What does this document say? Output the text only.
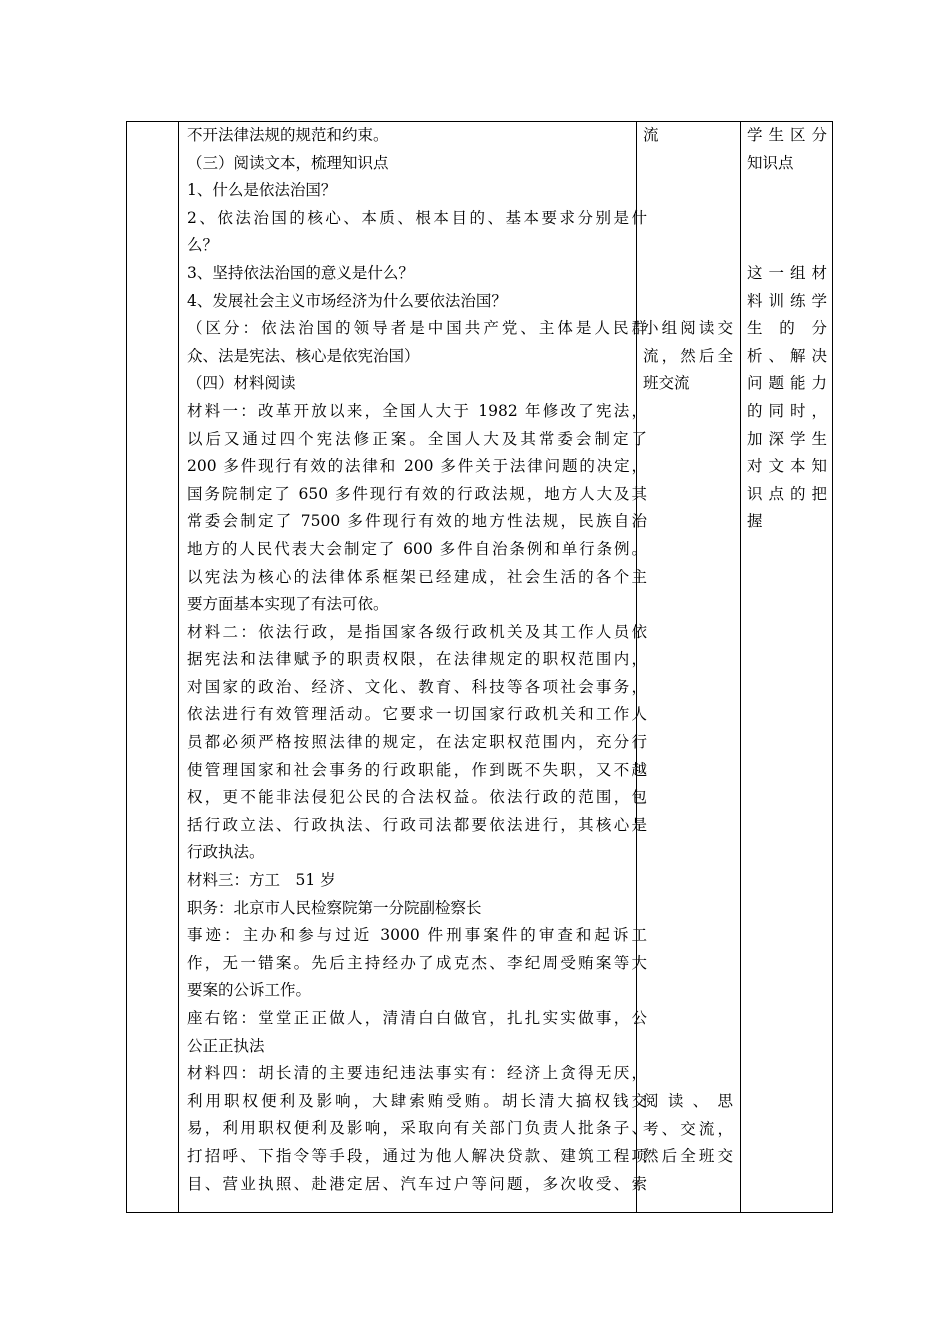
不开法律法规的规范和约束。
（三）阅读文本，梳理知识点
1、什么是依法治国？
2、依法治国的核心、本质、根本目的、基本要求分别是什
么？
3、坚持依法治国的意义是什么？
4、发展社会主义市场经济为什么要依法治国？
（区分：依法治国的领导者是中国共产党、主体是人民群
众、法是宪法、核心是依宪治国）
（四）材料阅读
材料一：改革开放以来，全国人大于 1982 年修改了宪法，
以后又通过四个宪法修正案。全国人大及其常委会制定了
200 多件现行有效的法律和 200 多件关于法律问题的决定，
国务院制定了 650 多件现行有效的行政法规，地方人大及其
常委会制定了 7500 多件现行有效的地方性法规，民族自治
地方的人民代表大会制定了 600 多件自治条例和单行条例。
以宪法为核心的法律体系框架已经建成，社会生活的各个主
要方面基本实现了有法可依。
材料二：依法行政，是指国家各级行政机关及其工作人员依
据宪法和法律赋予的职责权限，在法律规定的职权范围内，
对国家的政治、经济、文化、教育、科技等各项社会事务，
依法进行有效管理活动。它要求一切国家行政机关和工作人
员都必须严格按照法律的规定，在法定职权范围内，充分行
使管理国家和社会事务的行政职能，作到既不失职，又不越
权，更不能非法侵犯公民的合法权益。依法行政的范围，包
括行政立法、行政执法、行政司法都要依法进行，其核心是
行政执法。
材料三：方工　51 岁
职务：北京市人民检察院第一分院副检察长
事迹：主办和参与过近 3000 件刑事案件的审查和起诉工
作，无一错案。先后主持经办了成克杰、李纪周受贿案等大
要案的公诉工作。
座右铭：堂堂正正做人，清清白白做官，扎扎实实做事，公
公正正执法
材料四：胡长清的主要违纪违法事实有：经济上贪得无厌，
利用职权便利及影响，大肆索贿受贿。胡长清大搞权钱交
易，利用职权便利及影响，采取向有关部门负责人批条子、
打招呼、下指令等手段，通过为他人解决贷款、建筑工程项
目、营业执照、赴港定居、汽车过户等问题，多次收受、索
流
小组阅读交
流，然后全
班交流
阅读、思
考、交流，
然后全班交
学生区分
知识点
这一组材
料训练学
生的分
析、解决
问题能力
的同时，
加深学生
对文本知
识点的把
握
